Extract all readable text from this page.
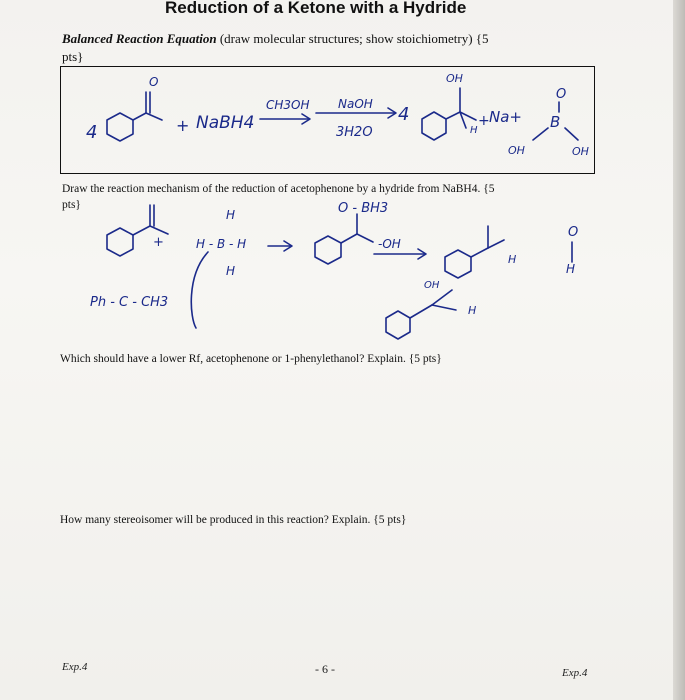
Reduction of a Ketone with a Hydride
Balanced Reaction Equation (draw molecular structures; show stoichiometry) {5
pts}
Draw the reaction mechanism of the reduction of acetophenone by a hydride from NaBH4. {5
pts}
Which should have a lower Rf, acetophenone or 1-phenylethanol? Explain. {5 pts}
How many stereoisomer will be produced in this reaction? Explain. {5 pts}
Exp.4	- 6 -	Exp.4
4
O
+ NaBH4
CH3OH NaOH
3H2O
4
OH
H
+ Na+
O
B
OH	OH
+
H
H - B - H
H
O - BH3
-OH
Ph - C - CH3
H
O
H
OH
H
